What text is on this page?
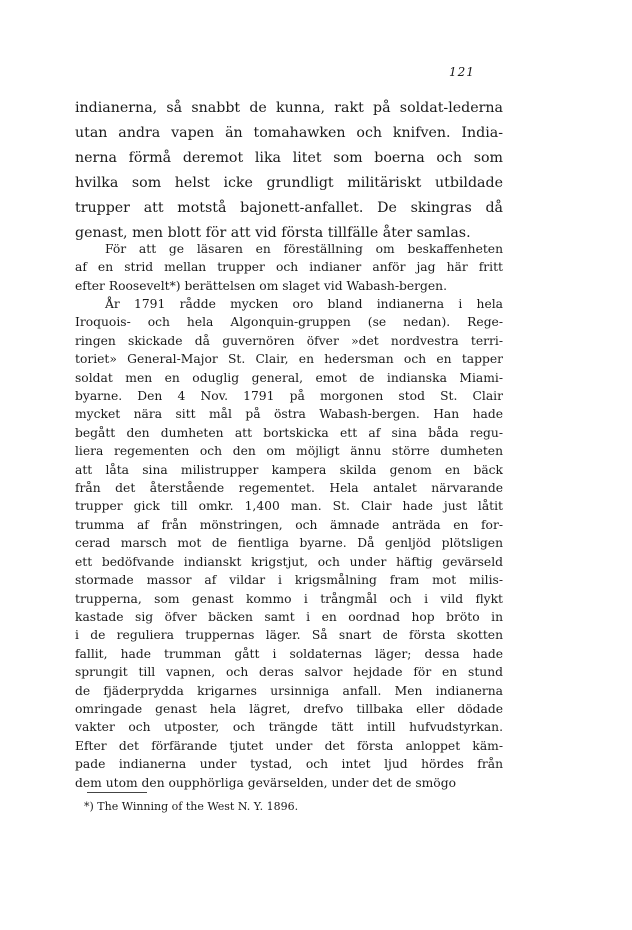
121
indianerna, så snabbt de kunna, rakt på soldat-lederna
utan andra vapen än tomahawken och knifven. India-
nerna förmå deremot lika litet som boerna och som
hvilka som helst icke grundligt militäriskt utbildade
trupper att motstå bajonett-anfallet. De skingras då
genast, men blott för att vid första tillfälle åter samlas.
För att ge läsaren en föreställning om beskaffenheten
af en strid mellan trupper och indianer anför jag här fritt
efter Roosevelt*) berättelsen om slaget vid Wabash-bergen.
År 1791 rådde mycken oro bland indianerna i hela
Iroquois- och hela Algonquin-gruppen (se nedan). Rege-
ringen skickade då guvernören öfver »det nordvestra terri-
toriet» General-Major St. Clair, en hedersman och en tapper
soldat men en oduglig general, emot de indianska Miami-
byarne. Den 4 Nov. 1791 på morgonen stod St. Clair
mycket nära sitt mål på östra Wabash-bergen. Han hade
begått den dumheten att bortskicka ett af sina båda regu-
liera regementen och den om möjligt ännu större dumheten
att låta sina milistrupper kampera skilda genom en bäck
från det återstående regementet. Hela antalet närvarande
trupper gick till omkr. 1,400 man. St. Clair hade just låtit
trumma af från mönstringen, och ämnade anträda en for-
cerad marsch mot de fientliga byarne. Då genljöd plötsligen
ett bedöfvande indianskt krigstjut, och under häftig gevärseld
stormade massor af vildar i krigsmålning fram mot milis-
trupperna, som genast kommo i trångmål och i vild flykt
kastade sig öfver bäcken samt i en oordnad hop bröto in
i de reguliera truppernas läger. Så snart de första skotten
fallit, hade trumman gått i soldaternas läger; dessa hade
sprungit till vapnen, och deras salvor hejdade för en stund
de fjäderprydda krigarnes ursinniga anfall. Men indianerna
omringade genast hela lägret, drefvo tillbaka eller dödade
vakter och utposter, och trängde tätt intill hufvudstyrkan.
Efter det förfärande tjutet under det första anloppet käm-
pade indianerna under tystad, och intet ljud hördes från
dem utom den oupphörliga gevärselden, under det de smögo
*) The Winning of the West N. Y. 1896.
